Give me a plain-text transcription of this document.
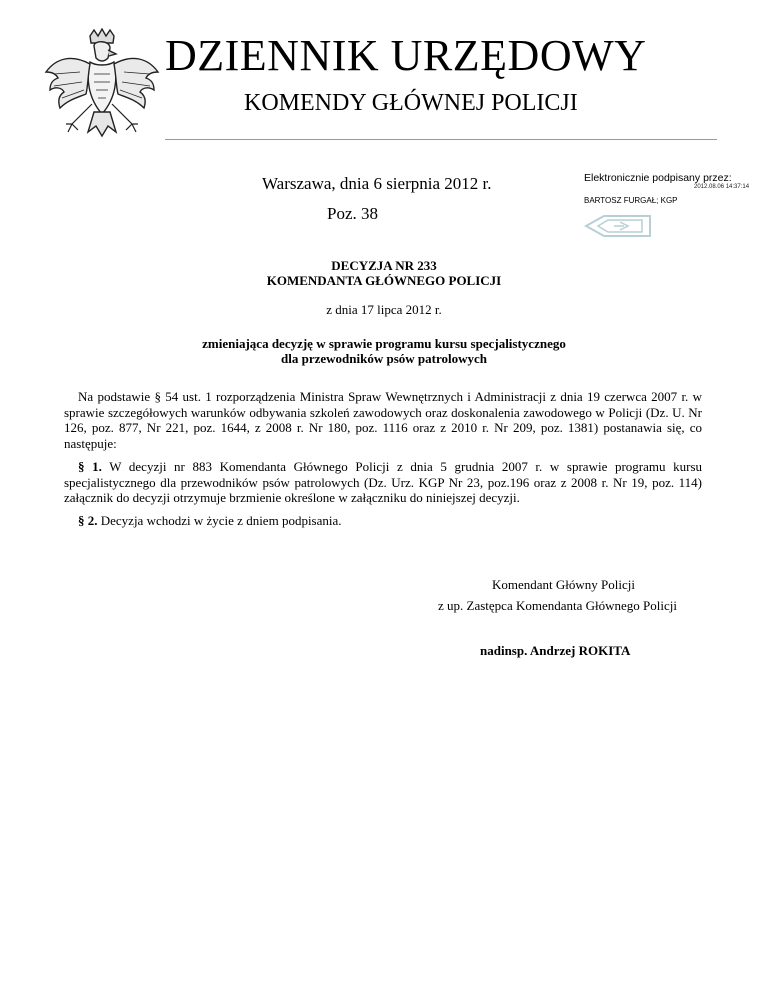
DZIENNIK URZĘDOWY
KOMENDY GŁÓWNEJ POLICJI
Warszawa, dnia 6 sierpnia 2012 r.
Poz. 38
Elektronicznie podpisany przez:
2012.08.06 14:37:14
BARTOSZ FURGAŁ; KGP
DECYZJA NR 233
KOMENDANTA GŁÓWNEGO POLICJI
z dnia 17 lipca 2012 r.
zmieniająca decyzję w sprawie programu kursu specjalistycznego
dla przewodników psów patrolowych
Na podstawie § 54 ust. 1 rozporządzenia Ministra Spraw Wewnętrznych i Administracji z dnia 19 czerwca 2007 r. w sprawie szczegółowych warunków odbywania szkoleń zawodowych oraz doskonalenia zawodowego w Policji (Dz. U. Nr 126, poz. 877, Nr 221, poz. 1644, z 2008 r. Nr 180, poz. 1116 oraz z 2010 r. Nr 209, poz. 1381) postanawia się, co następuje:
§ 1. W decyzji nr 883 Komendanta Głównego Policji z dnia 5 grudnia 2007 r. w sprawie programu kursu specjalistycznego dla przewodników psów patrolowych (Dz. Urz. KGP Nr 23, poz.196 oraz z 2008 r. Nr 19, poz. 114) załącznik do decyzji otrzymuje brzmienie określone w załączniku do niniejszej decyzji.
§ 2. Decyzja wchodzi w życie z dniem podpisania.
Komendant Główny Policji
z up. Zastępca Komendanta Głównego Policji
nadinsp. Andrzej ROKITA
